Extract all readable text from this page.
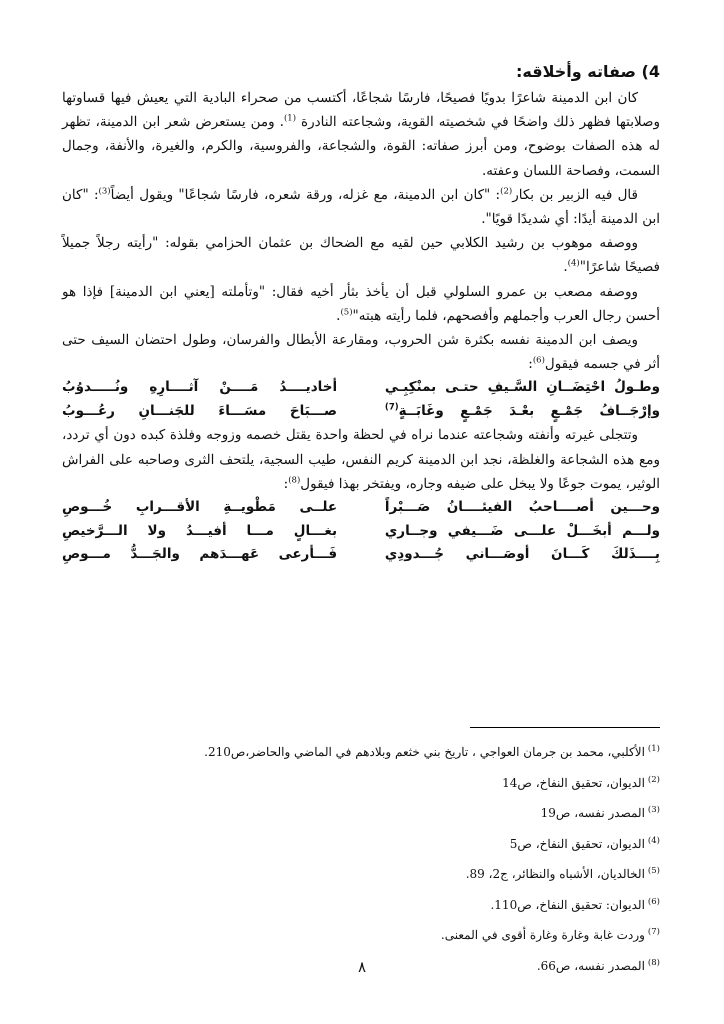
4) صفاته وأخلاقه:

كان ابن الدمينة شاعرًا بدويًا فصيحًا، فارسًا شجاعًا، أكتسب من صحراء البادية التي يعيش فيها قساوتها وصلابتها فظهر ذلك واضحًا في شخصيته القوية، وشجاعته النادرة $^{(1)}$. ومن يستعرض شعر ابن الدمينة، تظهر له هذه الصفات بوضوح، ومن أبرز صفاته: القوة، والشجاعة، والفروسية، والكرم، والغيرة، والأنفة، وجمال السمت، وفصاحة اللسان وعفته.

قال فيه الزبير بن بكار$^{(2)}$: "كان ابن الدمينة، مع غزله، ورقة شعره، فارسًا شجاعًا" ويقول أيضاً$^{(3)}$: "كان ابن الدمينة أيدًا: أي شديدًا قويًا".

ووصفه موهوب بن رشيد الكلابي حين لقيه مع الضحاك بن عثمان الحزامي بقوله: "رأيته رجلاً جميلاً فصيحًا شاعرًا"$^{(4)}$.

ووصفه مصعب بن عمرو السلولي قبل أن يأخذ بثأر أخيه فقال: "وتأملته [يعني ابن الدمينة] فإذا هو أحسن رجال العرب وأجملهم وأفصحهم، فلما رأيته هبته"$^{(5)}$.

ويصف ابن الدمينة نفسه بكثرة شن الحروب، ومقارعة الأبطال والفرسان، وطول احتضان السيف حتى أثر في جسمه فيقول$^{(6)}$:

وطـولُ احْتِضَــانِ السَّـيفِ حتـى بمنْكِبِـي
أخاديــــدُ مَــــنْ آثــــارِهِ ونُـــــدوُبُ
وإرْجَــافُ جَمْـعٍ بعْـدَ جَمْـعٍ وغَابَــةٍ$^{(7)}$
صـــبَاحَ مسَـــاءَ للجَنـــانِ رعُـــوبُ

وتتجلى غيرته وأنفته وشجاعته عندما نراه في لحظة واحدة يقتل خصمه وزوجه وفلذة كبده دون أي تردد، ومع هذه الشجاعة والغلظة، نجد ابن الدمينة كريم النفس، طيب السجية، يلتحف الثرى وصاحبه على الفراش الوثير، يموت جوعًا ولا يبخل على ضيفه وجاره، ويفتخر بهذا فيقول$^{(8)}$:

وحـــين أصــــاحبُ الفيئــــانُ صَـــبْراً
علــى مَطْويــةِ الأقـــرابِ خُـــوصِ
ولـــم أبخَـــلْ علـــى ضَـــيفي وجــاري
بغـــالٍ مـــا أفيـــدُ ولا الـــرَّخيصِ
بِــــذَلكَ كَـــانَ أوصَـــاني جُـــدودِي
فَـــأرعى عَهـــدَهم والجَـــدُّ مـــوصِ

$^{(1)}$الأكلبي، محمد بن جرمان العواجي ، تاريخ بني خثعم وبلادهم في الماضي والحاضر،ص210.

$^{(2)}$الديوان، تحقيق النفاخ، ص14

$^{(3)}$المصدر نفسه، ص19

$^{(4)}$الديوان، تحقيق النفاخ، ص5

$^{(5)}$الخالديان، الأشباه والنظائر، ج2، 89.

$^{(6)}$الديوان: تحقيق النفاخ، ص110.

$^{(7)}$وردت غابة وغارة وغارة أقوى في المعنى.

$^{(8)}$المصدر نفسه، ص66.

٨
